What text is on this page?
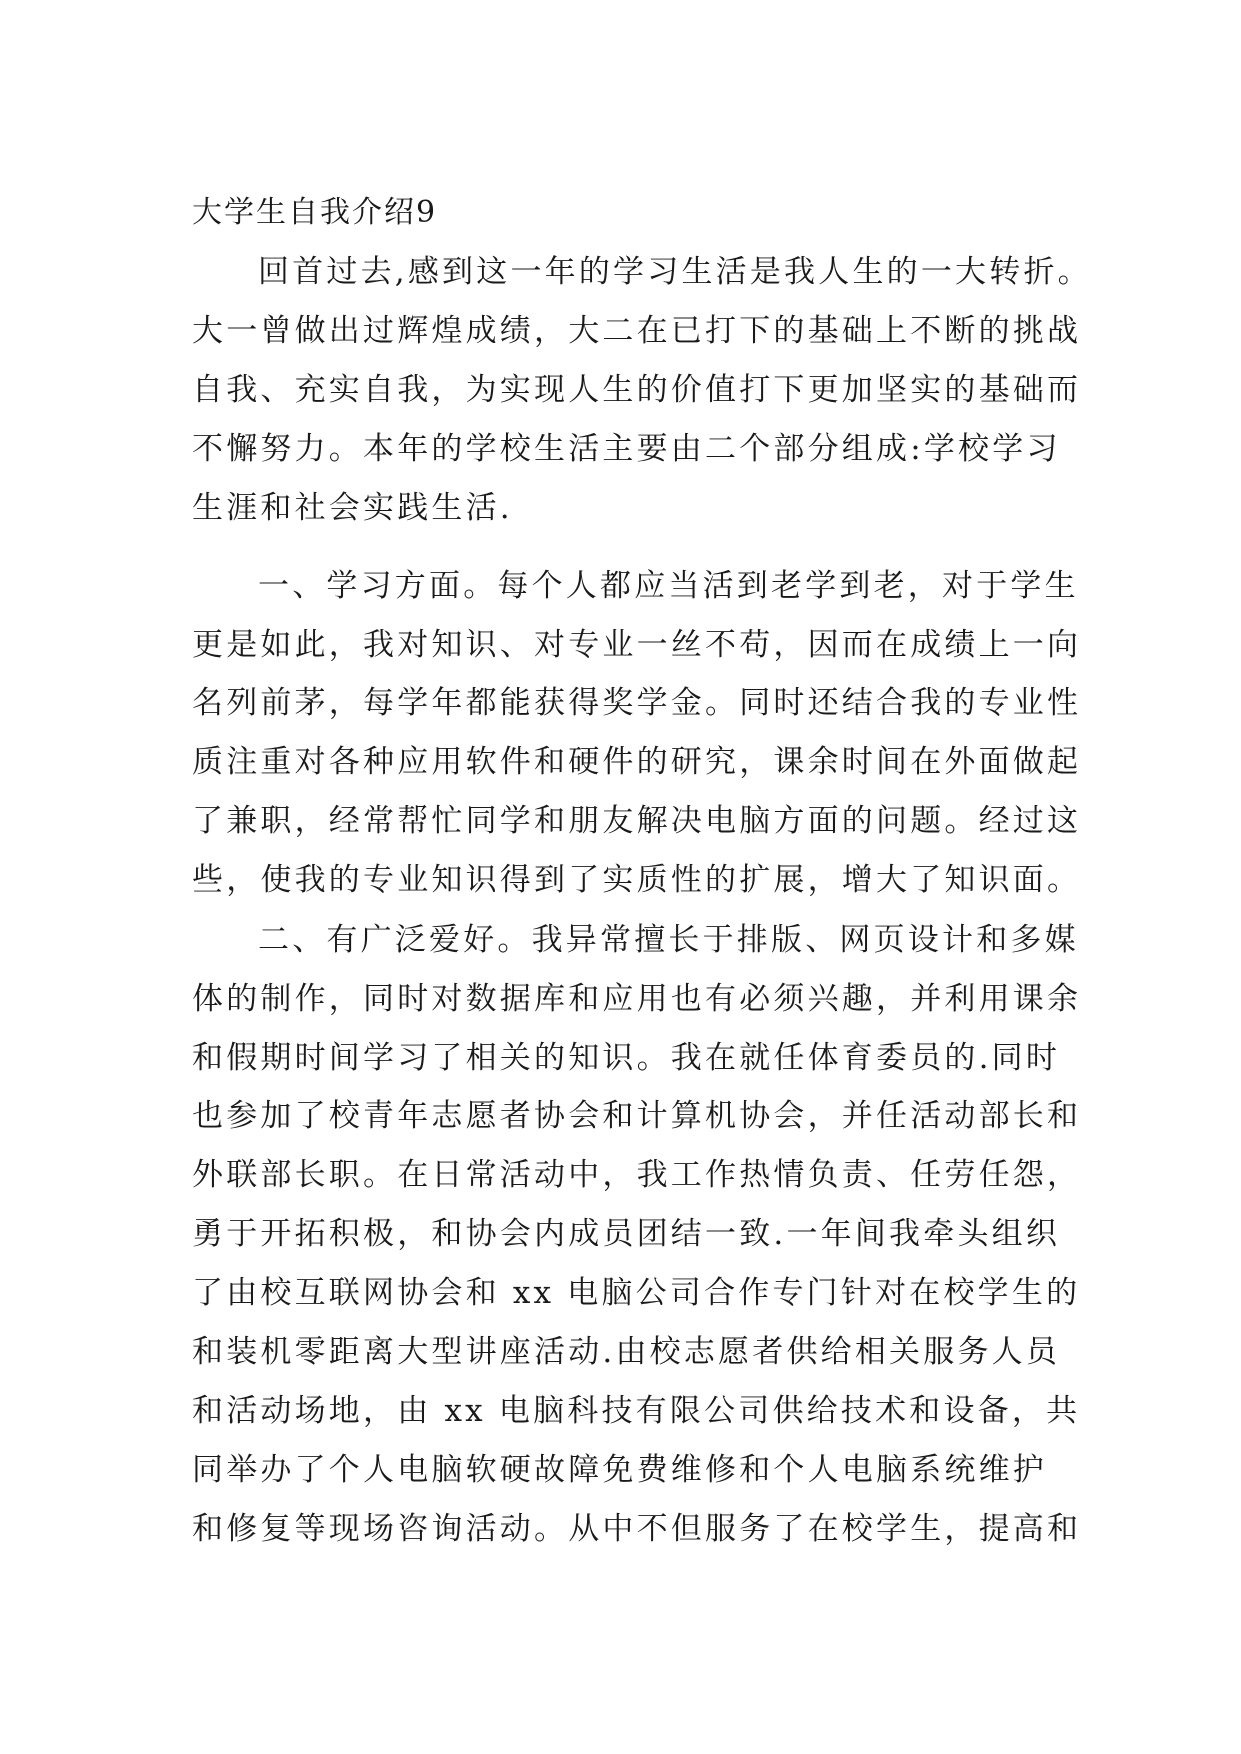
大学生自我介绍9
回首过去,感到这一年的学习生活是我人生的一大转折。
大一曾做出过辉煌成绩，大二在已打下的基础上不断的挑战
自我、充实自我，为实现人生的价值打下更加坚实的基础而
不懈努力。本年的学校生活主要由二个部分组成:学校学习
生涯和社会实践生活.
一、学习方面。每个人都应当活到老学到老，对于学生
更是如此，我对知识、对专业一丝不苟，因而在成绩上一向
名列前茅，每学年都能获得奖学金。同时还结合我的专业性
质注重对各种应用软件和硬件的研究，课余时间在外面做起
了兼职，经常帮忙同学和朋友解决电脑方面的问题。经过这
些，使我的专业知识得到了实质性的扩展，增大了知识面。
二、有广泛爱好。我异常擅长于排版、网页设计和多媒
体的制作，同时对数据库和应用也有必须兴趣，并利用课余
和假期时间学习了相关的知识。我在就任体育委员的.同时
也参加了校青年志愿者协会和计算机协会，并任活动部长和
外联部长职。在日常活动中，我工作热情负责、任劳任怨，
勇于开拓积极，和协会内成员团结一致.一年间我牵头组织
了由校互联网协会和 xx 电脑公司合作专门针对在校学生的
和装机零距离大型讲座活动.由校志愿者供给相关服务人员
和活动场地，由 xx 电脑科技有限公司供给技术和设备，共
同举办了个人电脑软硬故障免费维修和个人电脑系统维护
和修复等现场咨询活动。从中不但服务了在校学生，提高和
